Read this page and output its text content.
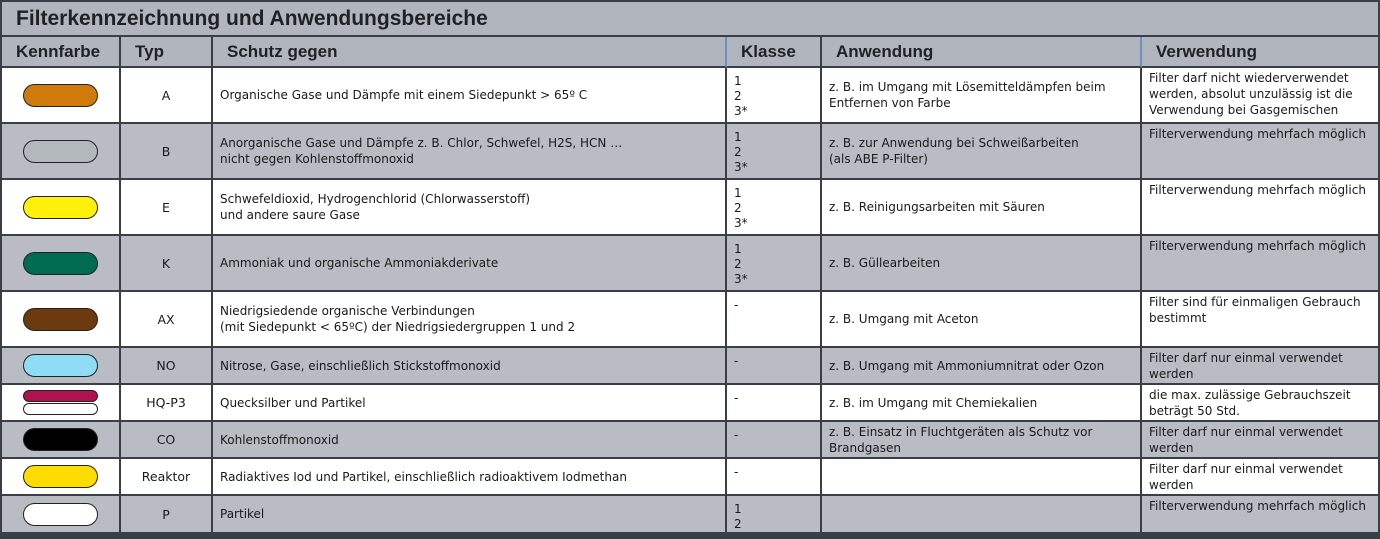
Filterkennzeichnung und Anwendungsbereiche
Kennfarbe	Typ	Schutz gegen	Klasse	Anwendung	Verwendung
	A	Organische Gase und Dämpfe mit einem Siedepunkt > 65º C	1
2
3*	z. B. im Umgang mit Lösemitteldämpfen beim
Entfernen von Farbe	Filter darf nicht wiederverwendet
werden, absolut unzulässig ist die
Verwendung bei Gasgemischen

	B	Anorganische Gase und Dämpfe z. B. Chlor, Schwefel, H2S, HCN …
nicht gegen Kohlenstoffmonoxid	1
2
3*	z. B. zur Anwendung bei Schweißarbeiten
(als ABE P-Filter)	Filterverwendung mehrfach möglich

	E	Schwefeldioxid, Hydrogenchlorid (Chlorwasserstoff)
und andere saure Gase	1
2
3*	z. B. Reinigungsarbeiten mit Säuren	Filterverwendung mehrfach möglich

	K	Ammoniak und organische Ammoniakderivate	1
2
3*	z. B. Güllearbeiten	Filterverwendung mehrfach möglich

	AX	Niedrigsiedende organische Verbindungen
(mit Siedepunkt < 65ºC) der Niedrigsiedergruppen 1 und 2	-	z. B. Umgang mit Aceton	Filter sind für einmaligen Gebrauch
bestimmt

	NO	Nitrose, Gase, einschließlich Stickstoffmonoxid	-	z. B. Umgang mit Ammoniumnitrat oder Ozon	Filter darf nur einmal verwendet
werden

	HQ-P3	Quecksilber und Partikel	-	z. B. im Umgang mit Chemiekalien	die max. zulässige Gebrauchszeit
beträgt 50 Std.

	CO	Kohlenstoffmonoxid	-	z. B. Einsatz in Fluchtgeräten als Schutz vor
Brandgasen	Filter darf nur einmal verwendet
werden

	Reaktor	Radiaktives Iod und Partikel, einschließlich radioaktivem Iodmethan	-		Filter darf nur einmal verwendet
werden

	P	Partikel	1
2		Filterverwendung mehrfach möglich
